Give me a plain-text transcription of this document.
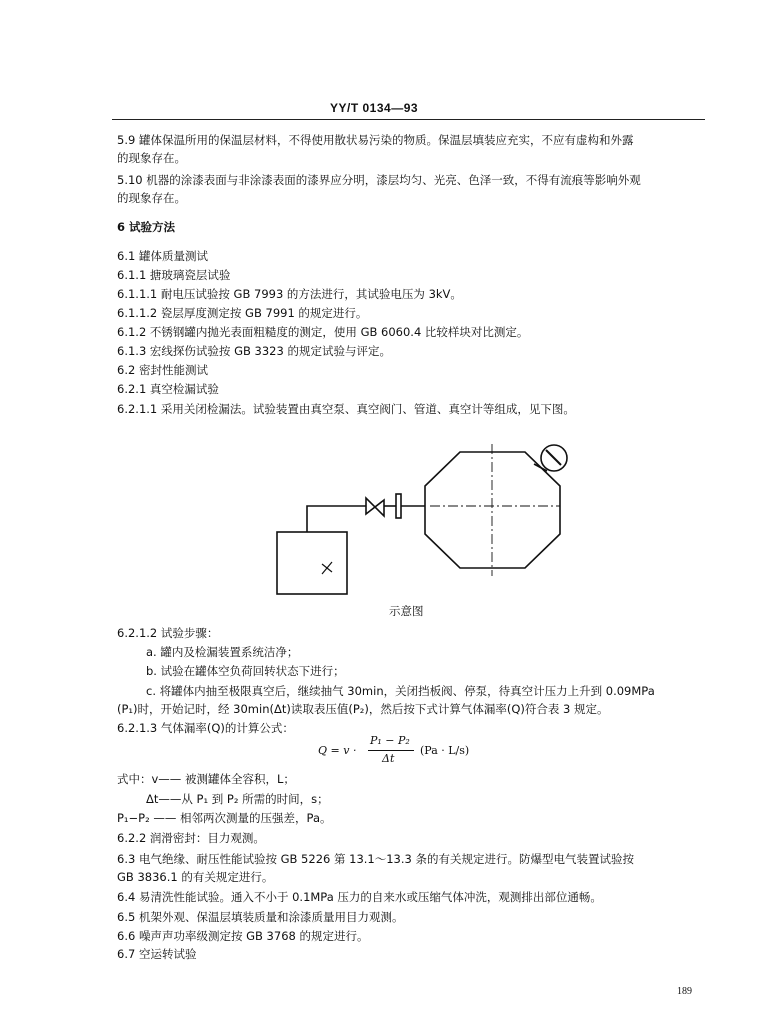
YY/T 0134—93
5.9 罐体保温所用的保温层材料，不得使用散状易污染的物质。保温层填装应充实，不应有虚构和外露
的现象存在。
5.10 机器的涂漆表面与非涂漆表面的漆界应分明，漆层均匀、光亮、色泽一致，不得有流痕等影响外观
的现象存在。
6 试验方法
6.1 罐体质量测试
6.1.1 搪玻璃瓷层试验
6.1.1.1 耐电压试验按 GB 7993 的方法进行，其试验电压为 3kV。
6.1.1.2 瓷层厚度测定按 GB 7991 的规定进行。
6.1.2 不锈钢罐内抛光表面粗糙度的测定，使用 GB 6060.4 比较样块对比测定。
6.1.3 宏线探伤试验按 GB 3323 的规定试验与评定。
6.2 密封性能测试
6.2.1 真空检漏试验
6.2.1.1 采用关闭检漏法。试验装置由真空泵、真空阀门、管道、真空计等组成，见下图。
示意图
6.2.1.2 试验步骤：
a. 罐内及检漏装置系统洁净；
b. 试验在罐体空负荷回转状态下进行；
c. 将罐体内抽至极限真空后，继续抽气 30min，关闭挡板阀、停泵，待真空计压力上升到 0.09MPa
(P₁)时，开始记时，经 30min(Δt)读取表压值(P₂)，然后按下式计算气体漏率(Q)符合表 3 规定。
6.2.1.3 气体漏率(Q)的计算公式：
Q = v ·
P₁ − P₂
Δt
(Pa · L/s)
式中：v—— 被测罐体全容积，L；
Δt——从 P₁ 到 P₂ 所需的时间，s；
P₁−P₂ —— 相邻两次测量的压强差，Pa。
6.2.2 润滑密封：目力观测。
6.3 电气绝缘、耐压性能试验按 GB 5226 第 13.1～13.3 条的有关规定进行。防爆型电气装置试验按
GB 3836.1 的有关规定进行。
6.4 易清洗性能试验。通入不小于 0.1MPa 压力的自来水或压缩气体冲洗，观测排出部位通畅。
6.5 机架外观、保温层填装质量和涂漆质量用目力观测。
6.6 噪声声功率级测定按 GB 3768 的规定进行。
6.7 空运转试验
189
